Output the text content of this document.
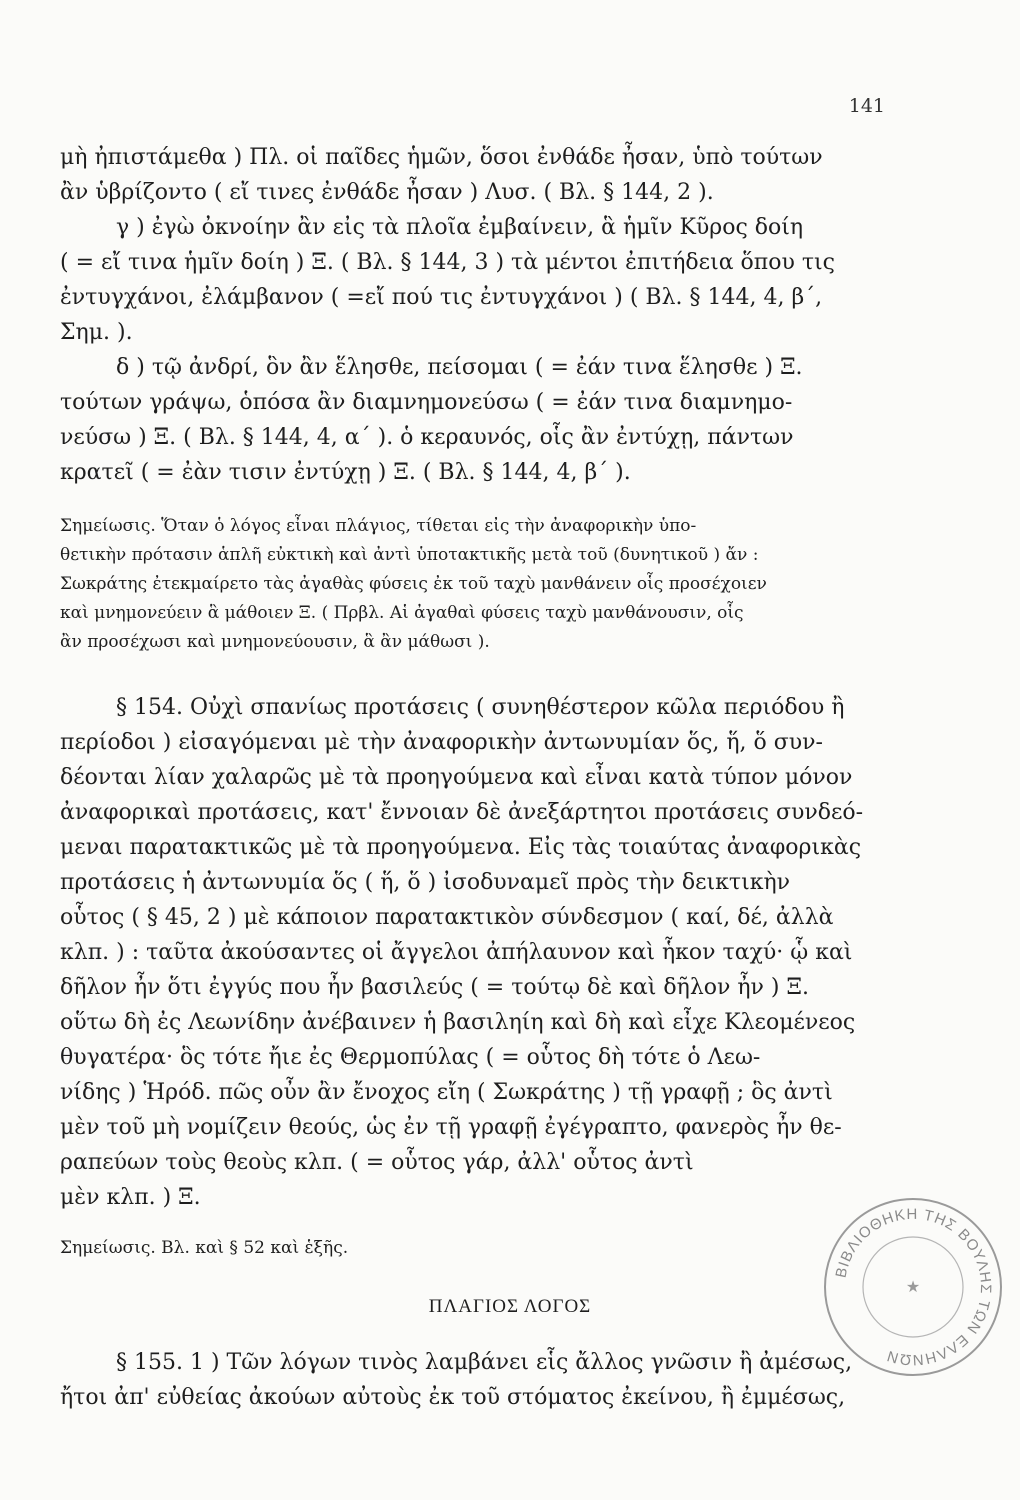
141
μὴ ἠπιστάμεθα ) Πλ. οἱ παῖδες ἡμῶν, ὅσοι ἐνθάδε ἦσαν, ὑπὸ τούτων
ἂν ὑβρίζοντο ( εἴ τινες ἐνθάδε ἦσαν ) Λυσ. ( Βλ. § 144, 2 ).
γ ) ἐγὼ ὀκνοίην ἂν εἰς τὰ πλοῖα ἐμβαίνειν, ἃ ἡμῖν Κῦρος δοίη
( = εἴ τινα ἡμῖν δοίη ) Ξ. ( Βλ. § 144, 3 ) τὰ μέντοι ἐπιτήδεια ὅπου τις
ἐντυγχάνοι, ἐλάμβανον ( =εἴ πού τις ἐντυγχάνοι ) ( Βλ. § 144, 4, β΄,
Σημ. ).
δ ) τῷ ἀνδρί, ὃν ἂν ἕλησθε, πείσομαι ( = ἐάν τινα ἕλησθε ) Ξ.
τούτων γράψω, ὁπόσα ἂν διαμνημονεύσω ( = ἐάν τινα διαμνημο-
νεύσω ) Ξ. ( Βλ. § 144, 4, α΄ ). ὁ κεραυνός, οἷς ἂν ἐντύχῃ, πάντων
κρατεῖ ( = ἐὰν τισιν ἐντύχῃ ) Ξ. ( Βλ. § 144, 4, β΄ ).
Σημείωσις. Ὅταν ὁ λόγος εἶναι πλάγιος, τίθεται εἰς τὴν ἀναφορικὴν ὑπο-
θετικὴν πρότασιν ἁπλῆ εὐκτικὴ καὶ ἀντὶ ὑποτακτικῆς μετὰ τοῦ (δυνητικοῦ ) ἄν :
Σωκράτης ἐτεκμαίρετο τὰς ἀγαθὰς φύσεις ἐκ τοῦ ταχὺ μανθάνειν οἷς προσέχοιεν
καὶ μνημονεύειν ἃ μάθοιεν Ξ. ( Πρβλ. Αἱ ἀγαθαὶ φύσεις ταχὺ μανθάνουσιν, οἷς
ἂν προσέχωσι καὶ μνημονεύουσιν, ἃ ἂν μάθωσι ).
§ 154. Οὐχὶ σπανίως προτάσεις ( συνηθέστερον κῶλα περιόδου ἢ
περίοδοι ) εἰσαγόμεναι μὲ τὴν ἀναφορικὴν ἀντωνυμίαν ὅς, ἥ, ὅ συν-
δέονται λίαν χαλαρῶς μὲ τὰ προηγούμενα καὶ εἶναι κατὰ τύπον μόνον
ἀναφορικαὶ προτάσεις, κατ' ἔννοιαν δὲ ἀνεξάρτητοι προτάσεις συνδεό-
μεναι παρατακτικῶς μὲ τὰ προηγούμενα. Εἰς τὰς τοιαύτας ἀναφορικὰς
προτάσεις ἡ ἀντωνυμία ὅς ( ἥ, ὅ ) ἰσοδυναμεῖ πρὸς τὴν δεικτικὴν
οὗτος ( § 45, 2 ) μὲ κάποιον παρατακτικὸν σύνδεσμον ( καί, δέ, ἀλλὰ
κλπ. ) : ταῦτα ἀκούσαντες οἱ ἄγγελοι ἀπήλαυνον καὶ ἧκον ταχύ· ᾧ καὶ
δῆλον ἦν ὅτι ἐγγύς που ἦν βασιλεύς ( = τούτῳ δὲ καὶ δῆλον ἦν ) Ξ.
οὕτω δὴ ἐς Λεωνίδην ἀνέβαινεν ἡ βασιληίη καὶ δὴ καὶ εἶχε Κλεομένεος
θυγατέρα· ὃς τότε ἤιε ἐς Θερμοπύλας ( = οὗτος δὴ τότε ὁ Λεω-
νίδης ) Ἡρόδ. πῶς οὖν ἂν ἔνοχος εἴη ( Σωκράτης ) τῇ γραφῇ ; ὃς ἀντὶ
μὲν τοῦ μὴ νομίζειν θεούς, ὡς ἐν τῇ γραφῇ ἐγέγραπτο, φανερὸς ἦν θε-
ραπεύων τοὺς θεοὺς κλπ. ( = οὗτος γάρ, ἀλλ' οὗτος ἀντὶ
μὲν κλπ. ) Ξ.
Σημείωσις. Βλ. καὶ § 52 καὶ ἑξῆς.
ΠΛΑΓΙΟΣ ΛΟΓΟΣ
§ 155. 1 ) Τῶν λόγων τινὸς λαμβάνει εἷς ἄλλος γνῶσιν ἢ ἀμέσως,
ἤτοι ἀπ' εὐθείας ἀκούων αὐτοὺς ἐκ τοῦ στόματος ἐκείνου, ἢ ἐμμέσως,
ΒΙΒΛΙΟΘΗΚΗ ΤΗΣ ΒΟΥΛΗΣ ΤΩΝ ΕΛΛΗΝΩΝ
★
